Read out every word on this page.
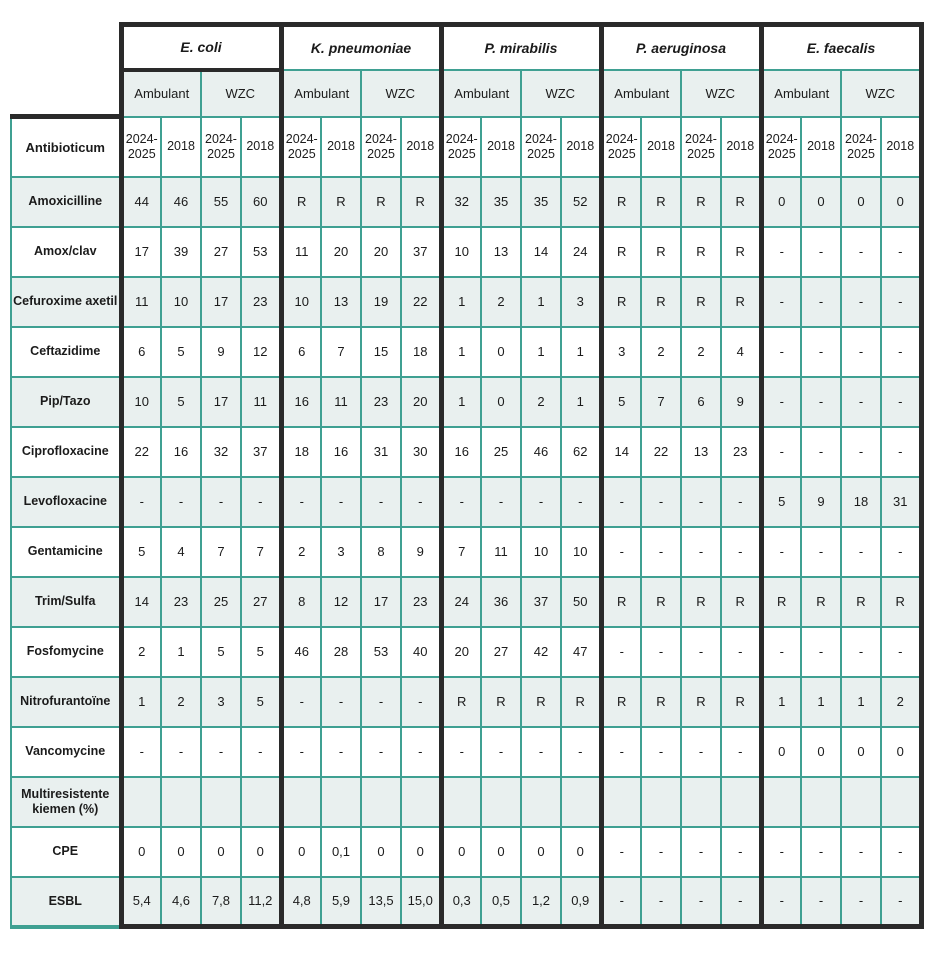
	E. coli				K. pneumoniae				P. mirabilis				P. aeruginosa				E. faecalis			
	Ambulant		WZC		Ambulant		WZC		Ambulant		WZC		Ambulant		WZC		Ambulant		WZC	
Antibioticum	2024-2025	2018	2024-2025	2018	2024-2025	2018	2024-2025	2018	2024-2025	2018	2024-2025	2018	2024-2025	2018	2024-2025	2018	2024-2025	2018	2024-2025	2018
Amoxicilline	44	46	55	60	R	R	R	R	32	35	35	52	R	R	R	R	0	0	0	0
Amox/clav	17	39	27	53	11	20	20	37	10	13	14	24	R	R	R	R	-	-	-	-
Cefuroxime axetil	11	10	17	23	10	13	19	22	1	2	1	3	R	R	R	R	-	-	-	-
Ceftazidime	6	5	9	12	6	7	15	18	1	0	1	1	3	2	2	4	-	-	-	-
Pip/Tazo	10	5	17	11	16	11	23	20	1	0	2	1	5	7	6	9	-	-	-	-
Ciprofloxacine	22	16	32	37	18	16	31	30	16	25	46	62	14	22	13	23	-	-	-	-
Levofloxacine	-	-	-	-	-	-	-	-	-	-	-	-	-	-	-	-	5	9	18	31
Gentamicine	5	4	7	7	2	3	8	9	7	11	10	10	-	-	-	-	-	-	-	-
Trim/Sulfa	14	23	25	27	8	12	17	23	24	36	37	50	R	R	R	R	R	R	R	R
Fosfomycine	2	1	5	5	46	28	53	40	20	27	42	47	-	-	-	-	-	-	-	-
Nitrofurantoïne	1	2	3	5	-	-	-	-	R	R	R	R	R	R	R	R	1	1	1	2
Vancomycine	-	-	-	-	-	-	-	-	-	-	-	-	-	-	-	-	0	0	0	0
Multiresistente kiemen (%)																				
CPE	0	0	0	0	0	0,1	0	0	0	0	0	0	-	-	-	-	-	-	-	-
ESBL	5,4	4,6	7,8	11,2	4,8	5,9	13,5	15,0	0,3	0,5	1,2	0,9	-	-	-	-	-	-	-	-
